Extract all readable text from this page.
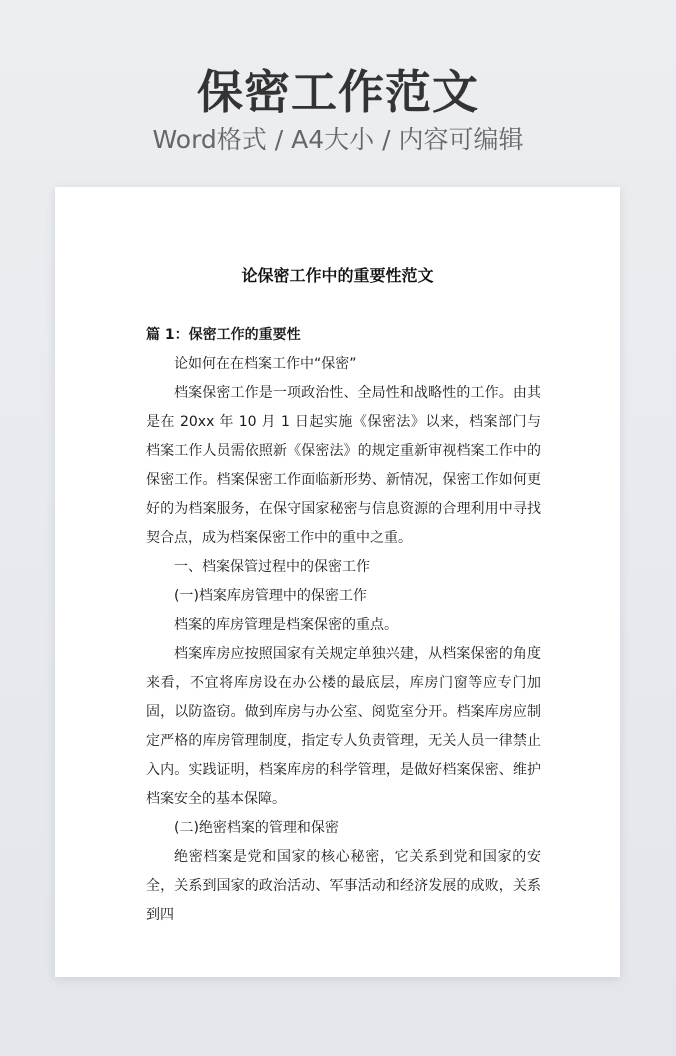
保密工作范文
Word格式 / A4大小 / 内容可编辑
论保密工作中的重要性范文

篇 1：保密工作的重要性

论如何在在档案工作中“保密”

档案保密工作是一项政治性、全局性和战略性的工作。由其是在 20xx 年 10 月 1 日起实施《保密法》以来，档案部门与档案工作人员需依照新《保密法》的规定重新审视档案工作中的保密工作。档案保密工作面临新形势、新情况，保密工作如何更好的为档案服务，在保守国家秘密与信息资源的合理利用中寻找契合点，成为档案保密工作中的重中之重。

一、档案保管过程中的保密工作

(一)档案库房管理中的保密工作

档案的库房管理是档案保密的重点。

档案库房应按照国家有关规定单独兴建，从档案保密的角度来看，不宜将库房设在办公楼的最底层，库房门窗等应专门加固，以防盗窃。做到库房与办公室、阅览室分开。档案库房应制定严格的库房管理制度，指定专人负责管理，无关人员一律禁止入内。实践证明，档案库房的科学管理，是做好档案保密、维护档案安全的基本保障。

(二)绝密档案的管理和保密

绝密档案是党和国家的核心秘密，它关系到党和国家的安全，关系到国家的政治活动、军事活动和经济发展的成败，关系到四
